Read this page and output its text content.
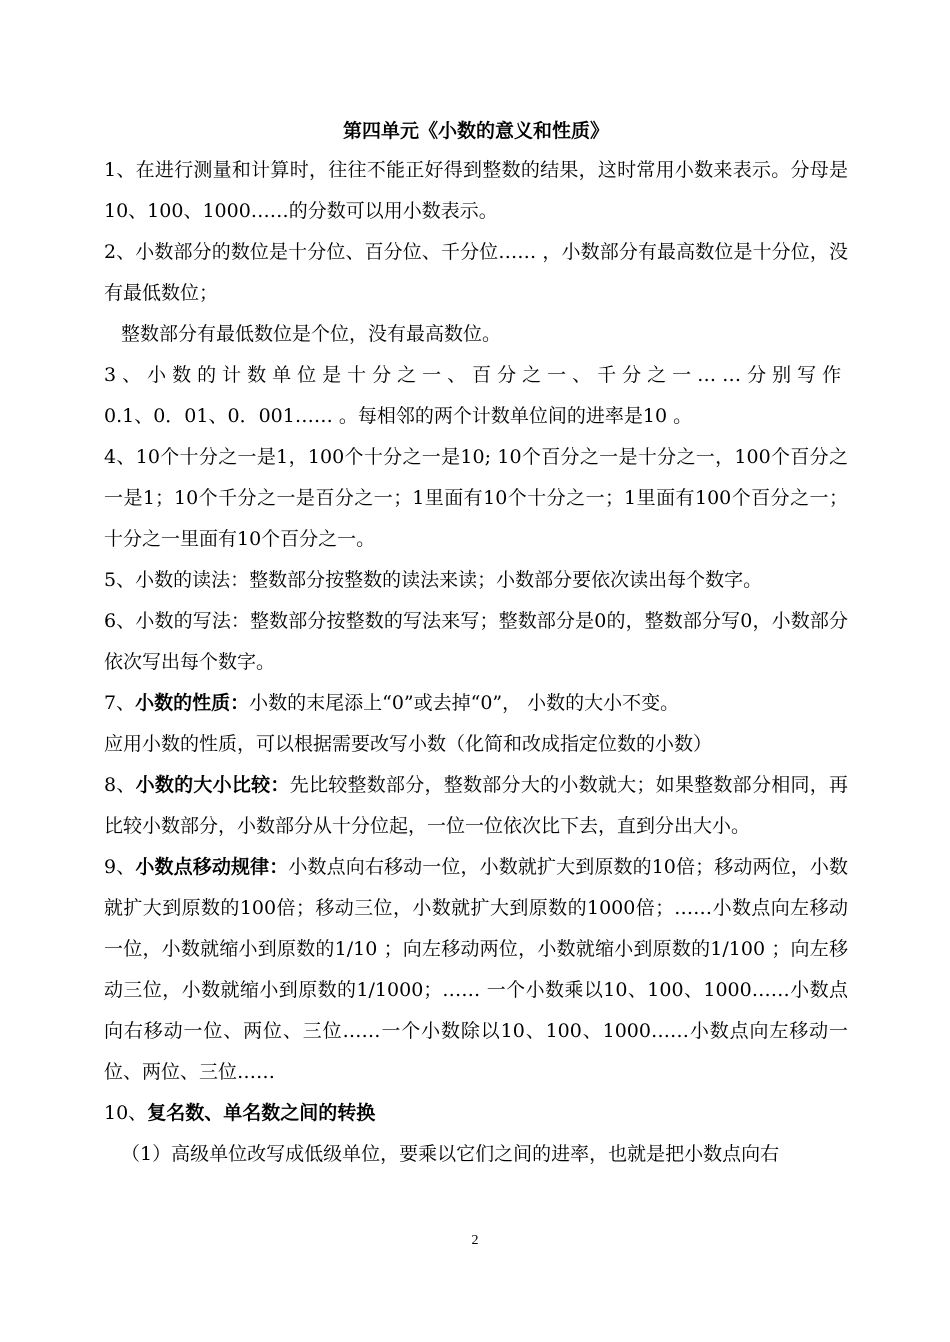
第四单元《小数的意义和性质》

1、在进行测量和计算时，往往不能正好得到整数的结果，这时常用小数来表示。分母是10、100、1000……的分数可以用小数表示。

2、小数部分的数位是十分位、百分位、千分位…… ，小数部分有最高数位是十分位，没有最低数位；

整数部分有最低数位是个位，没有最高数位。

3、小数的计数单位是十分之一、百分之一、千分之一……分别写作

0.1、0．01、0．001…… 。每相邻的两个计数单位间的进率是10 。

4、10个十分之一是1，100个十分之一是10; 10个百分之一是十分之一，100个百分之一是1；10个千分之一是百分之一；1里面有10个十分之一；1里面有100个百分之一；十分之一里面有10个百分之一。

5、小数的读法：整数部分按整数的读法来读；小数部分要依次读出每个数字。

6、小数的写法：整数部分按整数的写法来写；整数部分是0的，整数部分写0，小数部分依次写出每个数字。

7、小数的性质：小数的末尾添上“0”或去掉“0”， 小数的大小不变。

应用小数的性质，可以根据需要改写小数（化简和改成指定位数的小数）

8、小数的大小比较：先比较整数部分，整数部分大的小数就大；如果整数部分相同，再比较小数部分，小数部分从十分位起，一位一位依次比下去，直到分出大小。

9、小数点移动规律：小数点向右移动一位，小数就扩大到原数的10倍；移动两位，小数就扩大到原数的100倍；移动三位，小数就扩大到原数的1000倍；……小数点向左移动一位，小数就缩小到原数的1/10 ；向左移动两位，小数就缩小到原数的1/100 ；向左移动三位，小数就缩小到原数的1/1000；…… 一个小数乘以10、100、1000……小数点向右移动一位、两位、三位……一个小数除以10、100、1000……小数点向左移动一位、两位、三位……

10、复名数、单名数之间的转换

（1）高级单位改写成低级单位，要乘以它们之间的进率，也就是把小数点向右

2
